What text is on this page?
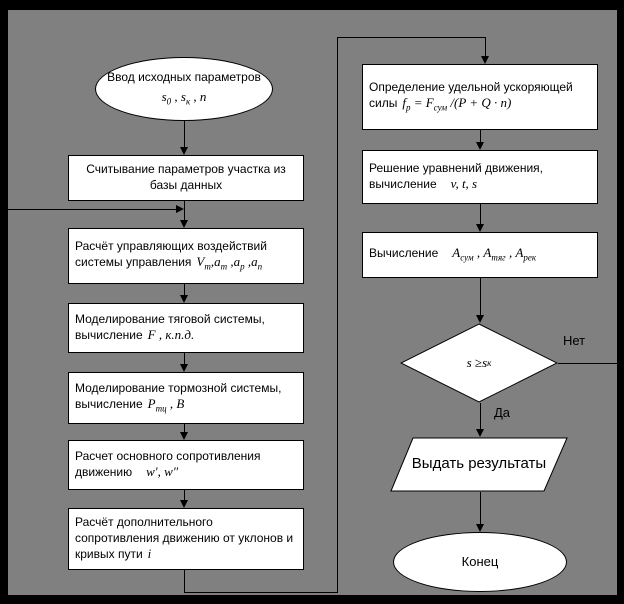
Ввод исходных параметров
$s_0$ , $s_к$ , n
Считывание параметров участка из базы данных
Расчёт управляющих воздействий системы управления $V_т,a_т$ $,a_р$ $,a_п$
Моделирование тяговой системы, вычисление F , к.п.д.
Моделирование тормозной системы, вычисление $P_{тц}$ , В
Расчет основного сопротивления движению w′, w″
Расчёт дополнительного сопротивления движению от уклонов и кривых пути i
Определение удельной ускоряющей силы $f_р = F_{сум}$ /(P + Q · n)
Решение уравнений движения, вычисление v, t, s
Вычисление $A_{сум}$ , $A_{тяг}$ , $A_{рек}$
s ≥ s к
Нет
Да
Выдать результаты
Конец
